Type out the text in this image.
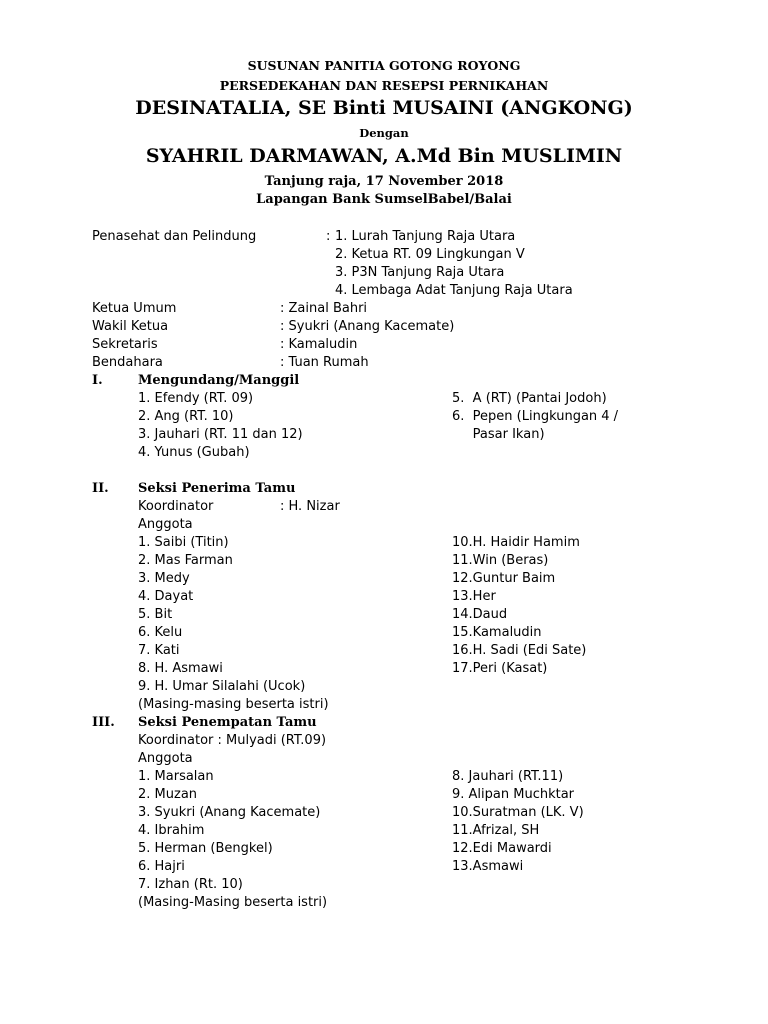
SUSUNAN PANITIA GOTONG ROYONG
PERSEDEKAHAN DAN RESEPSI PERNIKAHAN
DESINATALIA, SE Binti MUSAINI (ANGKONG)
Dengan
SYAHRIL DARMAWAN, A.Md Bin MUSLIMIN
Tanjung raja, 17 November 2018
Lapangan Bank SumselBabel/Balai
Penasehat dan Pelindung	: 1. Lurah Tanjung Raja Utara
2. Ketua RT. 09 Lingkungan V
3. P3N Tanjung Raja Utara
4. Lembaga Adat Tanjung Raja Utara
Ketua Umum	: Zainal Bahri
Wakil Ketua	: Syukri (Anang Kacemate)
Sekretaris	: Kamaludin
Bendahara	: Tuan Rumah
I.	Mengundang/Manggil
1. Efendy (RT. 09)
2. Ang (RT. 10)
3. Jauhari (RT. 11 dan 12)
4. Yunus (Gubah)
5.  A (RT) (Pantai Jodoh)
6.  Pepen (Lingkungan 4 /
Pasar Ikan)
II. Seksi Penerima Tamu
Koordinator	: H. Nizar
Anggota
1. Saibi (Titin)
2. Mas Farman
3. Medy
4. Dayat
5. Bit
6. Kelu
7. Kati
8. H. Asmawi
9. H. Umar Silalahi (Ucok)
(Masing-masing beserta istri)
10.H. Haidir Hamim
11.Win (Beras)
12.Guntur Baim
13.Her
14.Daud
15.Kamaludin
16.H. Sadi (Edi Sate)
17.Peri (Kasat)
III. Seksi Penempatan Tamu
Koordinator : Mulyadi (RT.09)
Anggota
1. Marsalan
2. Muzan
3. Syukri (Anang Kacemate)
4. Ibrahim
5. Herman (Bengkel)
6. Hajri
7. Izhan (Rt. 10)
(Masing-Masing beserta istri)
8. Jauhari (RT.11)
9. Alipan Muchktar
10.Suratman (LK. V)
11.Afrizal, SH
12.Edi Mawardi
13.Asmawi
